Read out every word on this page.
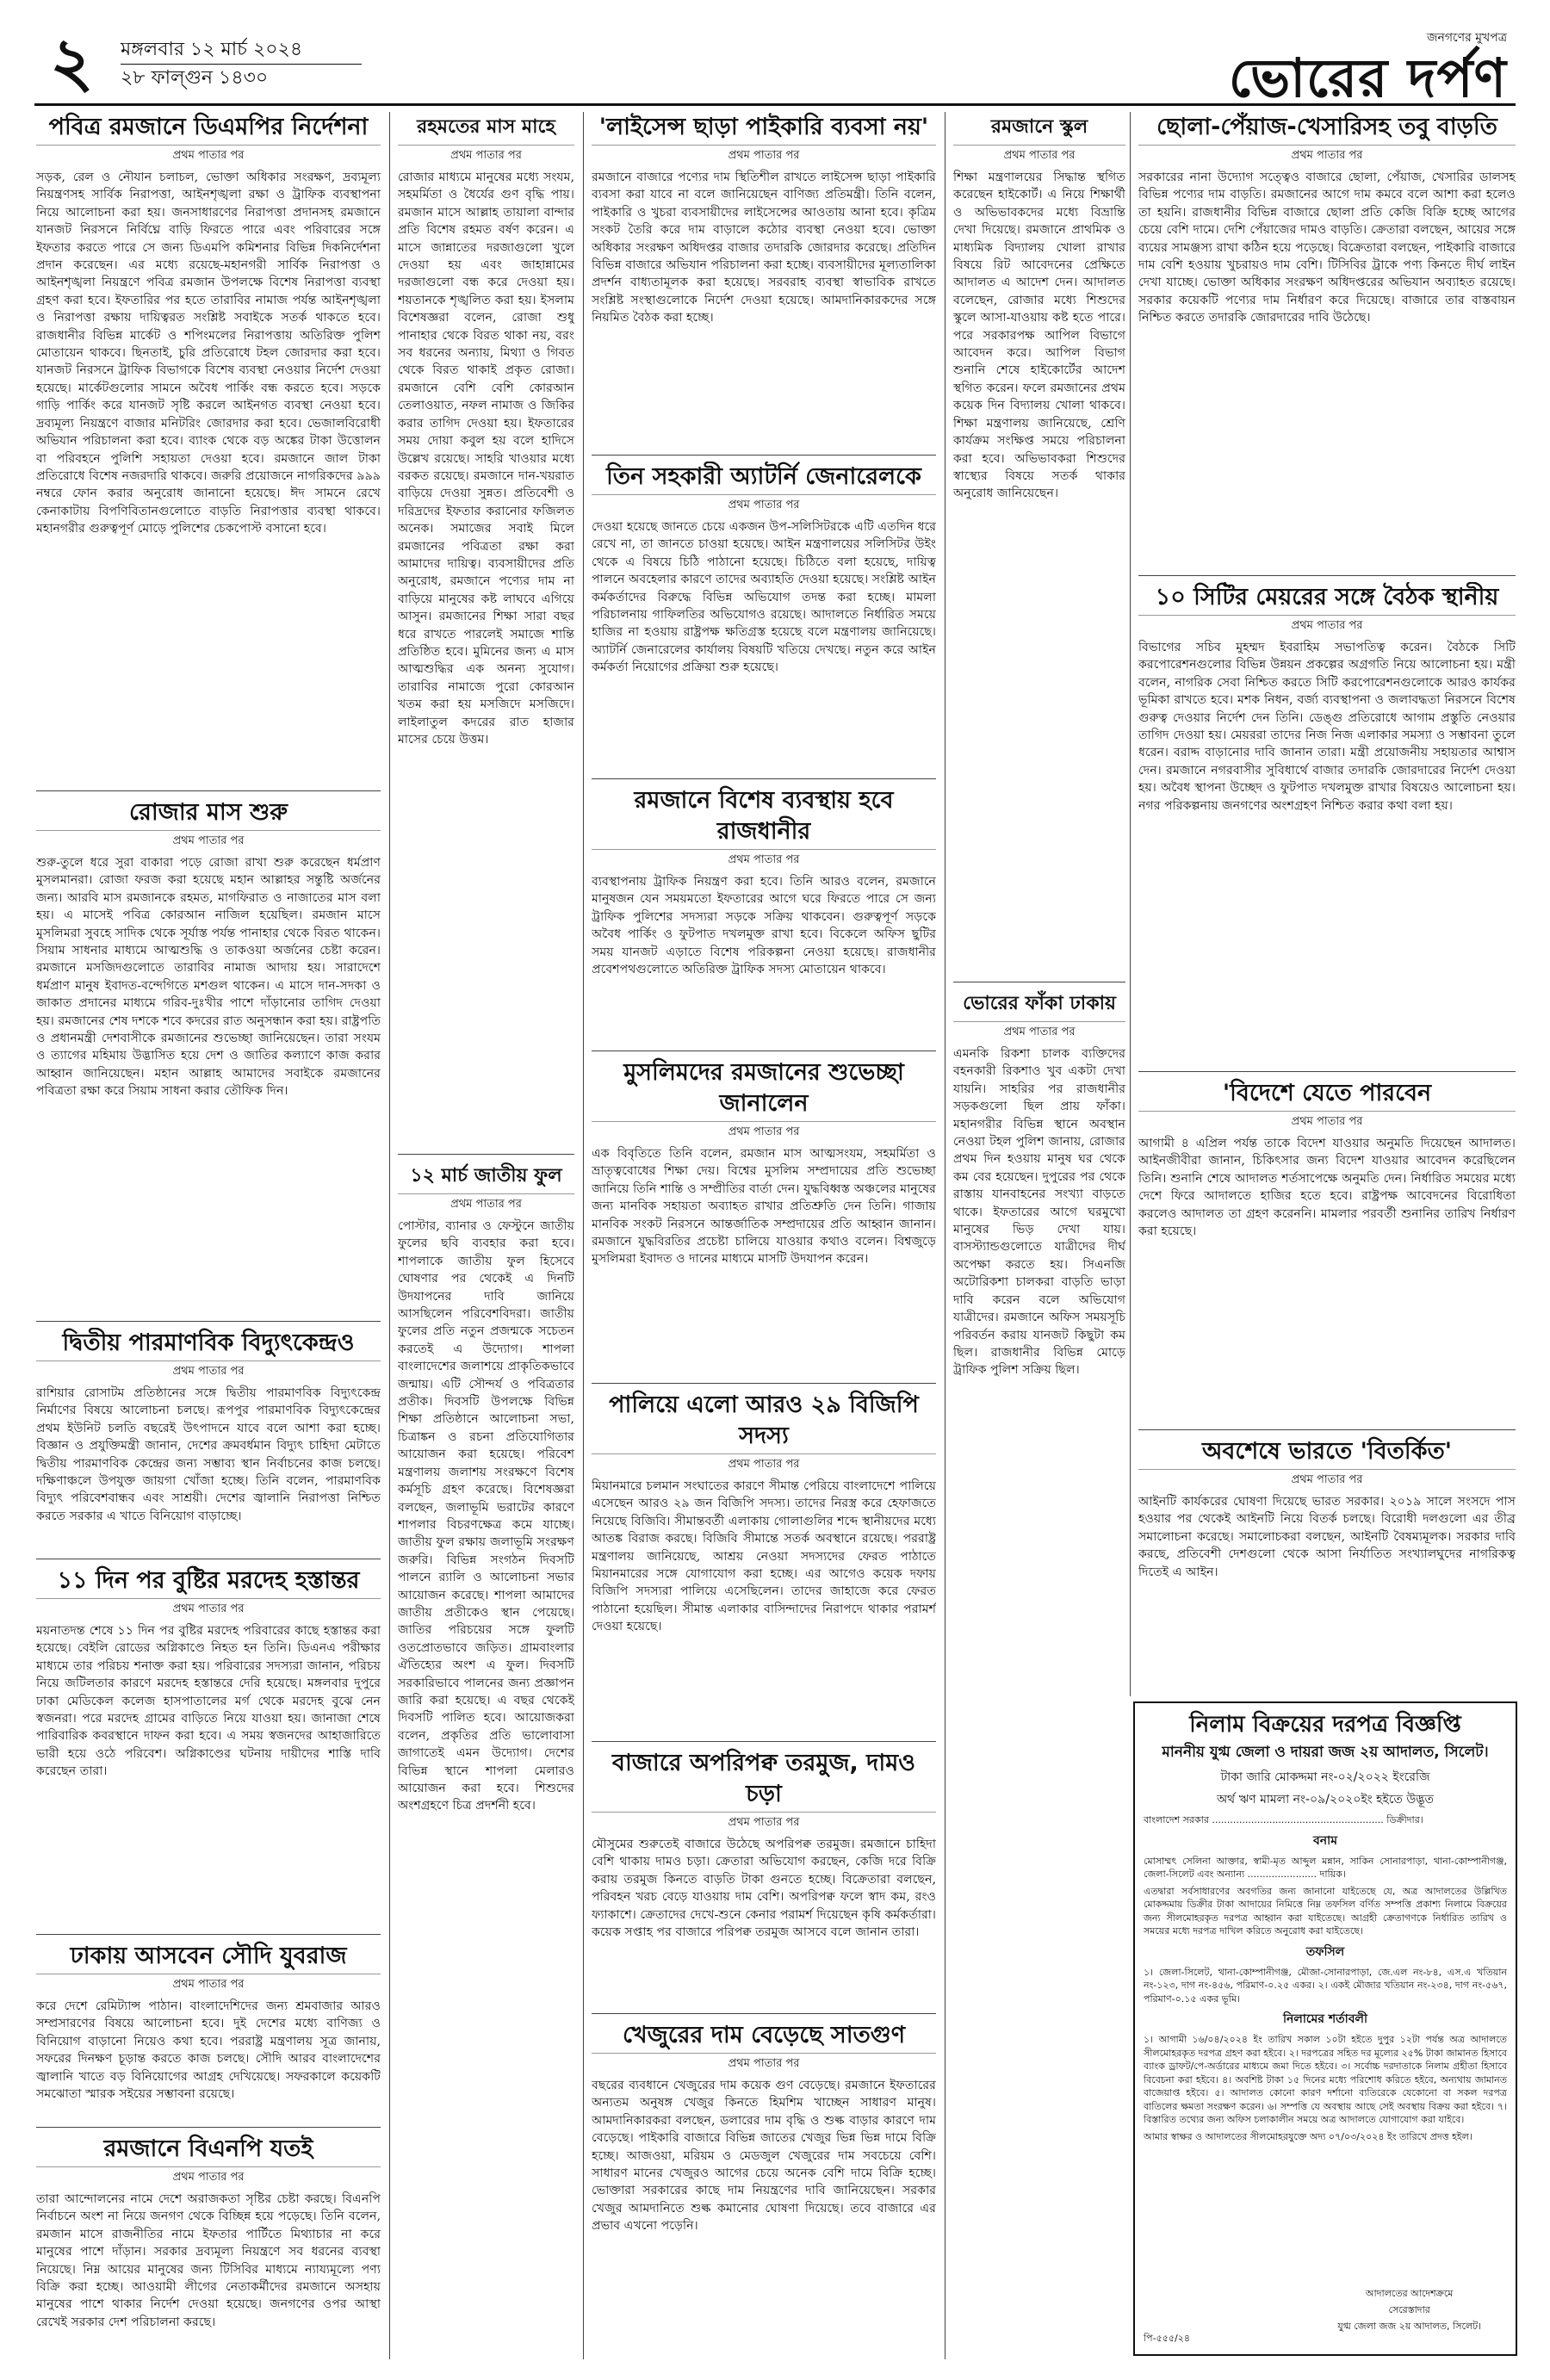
২ মঙ্গলবার ১২ মার্চ ২০২৪
২৮ ফাল্গুন ১৪৩০
জনগণের মুখপত্র
ভোরের দর্পণ
পবিত্র রমজানে ডিএমপির নির্দেশনা
প্রথম পাতার পর
সড়ক, রেল ও নৌযান চলাচল, ভোক্তা অধিকার সংরক্ষণ, দ্রব্যমূল্য নিয়ন্ত্রণসহ সার্বিক নিরাপত্তা, আইনশৃঙ্খলা রক্ষা ও ট্রাফিক ব্যবস্থাপনা নিয়ে আলোচনা করা হয়। জনসাধারণের নিরাপত্তা প্রদানসহ রমজানে যানজট নিরসনে নির্বিঘ্নে বাড়ি ফিরতে পারে এবং পরিবারের সঙ্গে ইফতার করতে পারে সে জন্য ডিএমপি কমিশনার বিভিন্ন দিকনির্দেশনা প্রদান করেছেন। এর মধ্যে রয়েছে-মহানগরী সার্বিক নিরাপত্তা ও আইনশৃঙ্খলা নিয়ন্ত্রণে পবিত্র রমজান উপলক্ষে বিশেষ নিরাপত্তা ব্যবস্থা গ্রহণ করা হবে। ইফতারির পর হতে তারাবির নামাজ পর্যন্ত আইনশৃঙ্খলা ও নিরাপত্তা রক্ষায় দায়িত্বরত সংশ্লিষ্ট সবাইকে সতর্ক থাকতে হবে। রাজধানীর বিভিন্ন মার্কেট ও শপিংমলের নিরাপত্তায় অতিরিক্ত পুলিশ মোতায়েন থাকবে। ছিনতাই, চুরি প্রতিরোধে টহল জোরদার করা হবে। যানজট নিরসনে ট্রাফিক বিভাগকে বিশেষ ব্যবস্থা নেওয়ার নির্দেশ দেওয়া হয়েছে। মার্কেটগুলোর সামনে অবৈধ পার্কিং বন্ধ করতে হবে। সড়কে গাড়ি পার্কিং করে যানজট সৃষ্টি করলে আইনগত ব্যবস্থা নেওয়া হবে। দ্রব্যমূল্য নিয়ন্ত্রণে বাজার মনিটরিং জোরদার করা হবে। ভেজালবিরোধী অভিযান পরিচালনা করা হবে। ব্যাংক থেকে বড় অঙ্কের টাকা উত্তোলন বা পরিবহনে পুলিশি সহায়তা দেওয়া হবে। রমজানে জাল টাকা প্রতিরোধে বিশেষ নজরদারি থাকবে। জরুরি প্রয়োজনে নাগরিকদের ৯৯৯ নম্বরে ফোন করার অনুরোধ জানানো হয়েছে। ঈদ সামনে রেখে কেনাকাটায় বিপণিবিতানগুলোতে বাড়তি নিরাপত্তার ব্যবস্থা থাকবে। মহানগরীর গুরুত্বপূর্ণ মোড়ে পুলিশের চেকপোস্ট বসানো হবে।
রোজার মাস শুরু
প্রথম পাতার পর
শুরু-তুলে ধরে সুরা বাকারা পড়ে রোজা রাখা শুরু করেছেন ধর্মপ্রাণ মুসলমানরা। রোজা ফরজ করা হয়েছে মহান আল্লাহর সন্তুষ্টি অর্জনের জন্য। আরবি মাস রমজানকে রহমত, মাগফিরাত ও নাজাতের মাস বলা হয়। এ মাসেই পবিত্র কোরআন নাজিল হয়েছিল। রমজান মাসে মুসলিমরা সুবহে সাদিক থেকে সূর্যাস্ত পর্যন্ত পানাহার থেকে বিরত থাকেন। সিয়াম সাধনার মাধ্যমে আত্মশুদ্ধি ও তাকওয়া অর্জনের চেষ্টা করেন। রমজানে মসজিদগুলোতে তারাবির নামাজ আদায় হয়। সারাদেশে ধর্মপ্রাণ মানুষ ইবাদত-বন্দেগিতে মশগুল থাকেন। এ মাসে দান-সদকা ও জাকাত প্রদানের মাধ্যমে গরিব-দুঃখীর পাশে দাঁড়ানোর তাগিদ দেওয়া হয়। রমজানের শেষ দশকে শবে কদরের রাত অনুসন্ধান করা হয়। রাষ্ট্রপতি ও প্রধানমন্ত্রী দেশবাসীকে রমজানের শুভেচ্ছা জানিয়েছেন। তারা সংযম ও ত্যাগের মহিমায় উদ্ভাসিত হয়ে দেশ ও জাতির কল্যাণে কাজ করার আহ্বান জানিয়েছেন। মহান আল্লাহ আমাদের সবাইকে রমজানের পবিত্রতা রক্ষা করে সিয়াম সাধনা করার তৌফিক দিন।
দ্বিতীয় পারমাণবিক বিদ্যুৎকেন্দ্রও
প্রথম পাতার পর
রাশিয়ার রোসাটম প্রতিষ্ঠানের সঙ্গে দ্বিতীয় পারমাণবিক বিদ্যুৎকেন্দ্র নির্মাণের বিষয়ে আলোচনা চলছে। রূপপুর পারমাণবিক বিদ্যুৎকেন্দ্রের প্রথম ইউনিট চলতি বছরেই উৎপাদনে যাবে বলে আশা করা হচ্ছে। বিজ্ঞান ও প্রযুক্তিমন্ত্রী জানান, দেশের ক্রমবর্ধমান বিদ্যুৎ চাহিদা মেটাতে দ্বিতীয় পারমাণবিক কেন্দ্রের জন্য সম্ভাব্য স্থান নির্বাচনের কাজ চলছে। দক্ষিণাঞ্চলে উপযুক্ত জায়গা খোঁজা হচ্ছে। তিনি বলেন, পারমাণবিক বিদ্যুৎ পরিবেশবান্ধব এবং সাশ্রয়ী। দেশের জ্বালানি নিরাপত্তা নিশ্চিত করতে সরকার এ খাতে বিনিয়োগ বাড়াচ্ছে।
১১ দিন পর বুষ্টির মরদেহ হস্তান্তর
প্রথম পাতার পর
ময়নাতদন্ত শেষে ১১ দিন পর বুষ্টির মরদেহ পরিবারের কাছে হস্তান্তর করা হয়েছে। বেইলি রোডের অগ্নিকাণ্ডে নিহত হন তিনি। ডিএনএ পরীক্ষার মাধ্যমে তার পরিচয় শনাক্ত করা হয়। পরিবারের সদস্যরা জানান, পরিচয় নিয়ে জটিলতার কারণে মরদেহ হস্তান্তরে দেরি হয়েছে। মঙ্গলবার দুপুরে ঢাকা মেডিকেল কলেজ হাসপাতালের মর্গ থেকে মরদেহ বুঝে নেন স্বজনরা। পরে মরদেহ গ্রামের বাড়িতে নিয়ে যাওয়া হয়। জানাজা শেষে পারিবারিক কবরস্থানে দাফন করা হবে। এ সময় স্বজনদের আহাজারিতে ভারী হয়ে ওঠে পরিবেশ। অগ্নিকাণ্ডের ঘটনায় দায়ীদের শাস্তি দাবি করেছেন তারা।
ঢাকায় আসবেন সৌদি যুবরাজ
প্রথম পাতার পর
করে দেশে রেমিট্যান্স পাঠান। বাংলাদেশিদের জন্য শ্রমবাজার আরও সম্প্রসারণের বিষয়ে আলোচনা হবে। দুই দেশের মধ্যে বাণিজ্য ও বিনিয়োগ বাড়ানো নিয়েও কথা হবে। পররাষ্ট্র মন্ত্রণালয় সূত্র জানায়, সফরের দিনক্ষণ চূড়ান্ত করতে কাজ চলছে। সৌদি আরব বাংলাদেশের জ্বালানি খাতে বড় বিনিয়োগের আগ্রহ দেখিয়েছে। সফরকালে কয়েকটি সমঝোতা স্মারক সইয়ের সম্ভাবনা রয়েছে।
রমজানে বিএনপি যতই
প্রথম পাতার পর
তারা আন্দোলনের নামে দেশে অরাজকতা সৃষ্টির চেষ্টা করছে। বিএনপি নির্বাচনে অংশ না নিয়ে জনগণ থেকে বিচ্ছিন্ন হয়ে পড়েছে। তিনি বলেন, রমজান মাসে রাজনীতির নামে ইফতার পার্টিতে মিথ্যাচার না করে মানুষের পাশে দাঁড়ান। সরকার দ্রব্যমূল্য নিয়ন্ত্রণে সব ধরনের ব্যবস্থা নিয়েছে। নিম্ন আয়ের মানুষের জন্য টিসিবির মাধ্যমে ন্যায্যমূল্যে পণ্য বিক্রি করা হচ্ছে। আওয়ামী লীগের নেতাকর্মীদের রমজানে অসহায় মানুষের পাশে থাকার নির্দেশ দেওয়া হয়েছে। জনগণের ওপর আস্থা রেখেই সরকার দেশ পরিচালনা করছে।
রহমতের মাস মাহে
প্রথম পাতার পর
রোজার মাধ্যমে মানুষের মধ্যে সংযম, সহমর্মিতা ও ধৈর্যের গুণ বৃদ্ধি পায়। রমজান মাসে আল্লাহ তায়ালা বান্দার প্রতি বিশেষ রহমত বর্ষণ করেন। এ মাসে জান্নাতের দরজাগুলো খুলে দেওয়া হয় এবং জাহান্নামের দরজাগুলো বন্ধ করে দেওয়া হয়। শয়তানকে শৃঙ্খলিত করা হয়। ইসলাম বিশেষজ্ঞরা বলেন, রোজা শুধু পানাহার থেকে বিরত থাকা নয়, বরং সব ধরনের অন্যায়, মিথ্যা ও গিবত থেকে বিরত থাকাই প্রকৃত রোজা। রমজানে বেশি বেশি কোরআন তেলাওয়াত, নফল নামাজ ও জিকির করার তাগিদ দেওয়া হয়। ইফতারের সময় দোয়া কবুল হয় বলে হাদিসে উল্লেখ রয়েছে। সাহরি খাওয়ার মধ্যে বরকত রয়েছে। রমজানে দান-খয়রাত বাড়িয়ে দেওয়া সুন্নত। প্রতিবেশী ও দরিদ্রদের ইফতার করানোর ফজিলত অনেক। সমাজের সবাই মিলে রমজানের পবিত্রতা রক্ষা করা আমাদের দায়িত্ব। ব্যবসায়ীদের প্রতি অনুরোধ, রমজানে পণ্যের দাম না বাড়িয়ে মানুষের কষ্ট লাঘবে এগিয়ে আসুন। রমজানের শিক্ষা সারা বছর ধরে রাখতে পারলেই সমাজে শান্তি প্রতিষ্ঠিত হবে। মুমিনের জন্য এ মাস আত্মশুদ্ধির এক অনন্য সুযোগ। তারাবির নামাজে পুরো কোরআন খতম করা হয় মসজিদে মসজিদে। লাইলাতুল কদরের রাত হাজার মাসের চেয়ে উত্তম।
১২ মার্চ জাতীয় ফুল
প্রথম পাতার পর
পোস্টার, ব্যানার ও ফেস্টুনে জাতীয় ফুলের ছবি ব্যবহার করা হবে। শাপলাকে জাতীয় ফুল হিসেবে ঘোষণার পর থেকেই এ দিনটি উদযাপনের দাবি জানিয়ে আসছিলেন পরিবেশবিদরা। জাতীয় ফুলের প্রতি নতুন প্রজন্মকে সচেতন করতেই এ উদ্যোগ। শাপলা বাংলাদেশের জলাশয়ে প্রাকৃতিকভাবে জন্মায়। এটি সৌন্দর্য ও পবিত্রতার প্রতীক। দিবসটি উপলক্ষে বিভিন্ন শিক্ষা প্রতিষ্ঠানে আলোচনা সভা, চিত্রাঙ্কন ও রচনা প্রতিযোগিতার আয়োজন করা হয়েছে। পরিবেশ মন্ত্রণালয় জলাশয় সংরক্ষণে বিশেষ কর্মসূচি গ্রহণ করেছে। বিশেষজ্ঞরা বলছেন, জলাভূমি ভরাটের কারণে শাপলার বিচরণক্ষেত্র কমে যাচ্ছে। জাতীয় ফুল রক্ষায় জলাভূমি সংরক্ষণ জরুরি। বিভিন্ন সংগঠন দিবসটি পালনে র‍্যালি ও আলোচনা সভার আয়োজন করেছে। শাপলা আমাদের জাতীয় প্রতীকেও স্থান পেয়েছে। জাতির পরিচয়ের সঙ্গে ফুলটি ওতপ্রোতভাবে জড়িত। গ্রামবাংলার ঐতিহ্যের অংশ এ ফুল। দিবসটি সরকারিভাবে পালনের জন্য প্রজ্ঞাপন জারি করা হয়েছে। এ বছর থেকেই দিবসটি পালিত হবে। আয়োজকরা বলেন, প্রকৃতির প্রতি ভালোবাসা জাগাতেই এমন উদ্যোগ। দেশের বিভিন্ন স্থানে শাপলা মেলারও আয়োজন করা হবে। শিশুদের অংশগ্রহণে চিত্র প্রদর্শনী হবে।
'লাইসেন্স ছাড়া পাইকারি ব্যবসা নয়'
প্রথম পাতার পর
রমজানে বাজারে পণ্যের দাম স্থিতিশীল রাখতে লাইসেন্স ছাড়া পাইকারি ব্যবসা করা যাবে না বলে জানিয়েছেন বাণিজ্য প্রতিমন্ত্রী। তিনি বলেন, পাইকারি ও খুচরা ব্যবসায়ীদের লাইসেন্সের আওতায় আনা হবে। কৃত্রিম সংকট তৈরি করে দাম বাড়ালে কঠোর ব্যবস্থা নেওয়া হবে। ভোক্তা অধিকার সংরক্ষণ অধিদপ্তর বাজার তদারকি জোরদার করেছে। প্রতিদিন বিভিন্ন বাজারে অভিযান পরিচালনা করা হচ্ছে। ব্যবসায়ীদের মূল্যতালিকা প্রদর্শন বাধ্যতামূলক করা হয়েছে। সরবরাহ ব্যবস্থা স্বাভাবিক রাখতে সংশ্লিষ্ট সংস্থাগুলোকে নির্দেশ দেওয়া হয়েছে। আমদানিকারকদের সঙ্গে নিয়মিত বৈঠক করা হচ্ছে।
তিন সহকারী অ্যাটর্নি জেনারেলকে
প্রথম পাতার পর
দেওয়া হয়েছে জানতে চেয়ে একজন উপ-সলিসিটরকে এটি এতদিন ধরে রেখে না, তা জানতে চাওয়া হয়েছে। আইন মন্ত্রণালয়ের সলিসিটর উইং থেকে এ বিষয়ে চিঠি পাঠানো হয়েছে। চিঠিতে বলা হয়েছে, দায়িত্ব পালনে অবহেলার কারণে তাদের অব্যাহতি দেওয়া হয়েছে। সংশ্লিষ্ট আইন কর্মকর্তাদের বিরুদ্ধে বিভিন্ন অভিযোগ তদন্ত করা হচ্ছে। মামলা পরিচালনায় গাফিলতির অভিযোগও রয়েছে। আদালতে নির্ধারিত সময়ে হাজির না হওয়ায় রাষ্ট্রপক্ষ ক্ষতিগ্রস্ত হয়েছে বলে মন্ত্রণালয় জানিয়েছে। অ্যাটর্নি জেনারেলের কার্যালয় বিষয়টি খতিয়ে দেখছে। নতুন করে আইন কর্মকর্তা নিয়োগের প্রক্রিয়া শুরু হয়েছে।
রমজানে বিশেষ ব্যবস্থায় হবে রাজধানীর
প্রথম পাতার পর
ব্যবস্থাপনায় ট্রাফিক নিয়ন্ত্রণ করা হবে। তিনি আরও বলেন, রমজানে মানুষজন যেন সময়মতো ইফতারের আগে ঘরে ফিরতে পারে সে জন্য ট্রাফিক পুলিশের সদস্যরা সড়কে সক্রিয় থাকবেন। গুরুত্বপূর্ণ সড়কে অবৈধ পার্কিং ও ফুটপাত দখলমুক্ত রাখা হবে। বিকেলে অফিস ছুটির সময় যানজট এড়াতে বিশেষ পরিকল্পনা নেওয়া হয়েছে। রাজধানীর প্রবেশপথগুলোতে অতিরিক্ত ট্রাফিক সদস্য মোতায়েন থাকবে।
মুসলিমদের রমজানের শুভেচ্ছা জানালেন
প্রথম পাতার পর
এক বিবৃতিতে তিনি বলেন, রমজান মাস আত্মসংযম, সহমর্মিতা ও ভ্রাতৃত্ববোধের শিক্ষা দেয়। বিশ্বের মুসলিম সম্প্রদায়ের প্রতি শুভেচ্ছা জানিয়ে তিনি শান্তি ও সম্প্রীতির বার্তা দেন। যুদ্ধবিধ্বস্ত অঞ্চলের মানুষের জন্য মানবিক সহায়তা অব্যাহত রাখার প্রতিশ্রুতি দেন তিনি। গাজায় মানবিক সংকট নিরসনে আন্তর্জাতিক সম্প্রদায়ের প্রতি আহ্বান জানান। রমজানে যুদ্ধবিরতির প্রচেষ্টা চালিয়ে যাওয়ার কথাও বলেন। বিশ্বজুড়ে মুসলিমরা ইবাদত ও দানের মাধ্যমে মাসটি উদযাপন করেন।
পালিয়ে এলো আরও ২৯ বিজিপি সদস্য
প্রথম পাতার পর
মিয়ানমারে চলমান সংঘাতের কারণে সীমান্ত পেরিয়ে বাংলাদেশে পালিয়ে এসেছেন আরও ২৯ জন বিজিপি সদস্য। তাদের নিরস্ত্র করে হেফাজতে নিয়েছে বিজিবি। সীমান্তবর্তী এলাকায় গোলাগুলির শব্দে স্থানীয়দের মধ্যে আতঙ্ক বিরাজ করছে। বিজিবি সীমান্তে সতর্ক অবস্থানে রয়েছে। পররাষ্ট্র মন্ত্রণালয় জানিয়েছে, আশ্রয় নেওয়া সদস্যদের ফেরত পাঠাতে মিয়ানমারের সঙ্গে যোগাযোগ করা হচ্ছে। এর আগেও কয়েক দফায় বিজিপি সদস্যরা পালিয়ে এসেছিলেন। তাদের জাহাজে করে ফেরত পাঠানো হয়েছিল। সীমান্ত এলাকার বাসিন্দাদের নিরাপদে থাকার পরামর্শ দেওয়া হয়েছে।
বাজারে অপরিপক্ব তরমুজ, দামও চড়া
প্রথম পাতার পর
মৌসুমের শুরুতেই বাজারে উঠেছে অপরিপক্ব তরমুজ। রমজানে চাহিদা বেশি থাকায় দামও চড়া। ক্রেতারা অভিযোগ করছেন, কেজি দরে বিক্রি করায় তরমুজ কিনতে বাড়তি টাকা গুনতে হচ্ছে। বিক্রেতারা বলছেন, পরিবহন খরচ বেড়ে যাওয়ায় দাম বেশি। অপরিপক্ব ফলে স্বাদ কম, রংও ফ্যাকাশে। ক্রেতাদের দেখে-শুনে কেনার পরামর্শ দিয়েছেন কৃষি কর্মকর্তারা। কয়েক সপ্তাহ পর বাজারে পরিপক্ব তরমুজ আসবে বলে জানান তারা।
খেজুরের দাম বেড়েছে সাতগুণ
প্রথম পাতার পর
বছরের ব্যবধানে খেজুরের দাম কয়েক গুণ বেড়েছে। রমজানে ইফতারের অন্যতম অনুষঙ্গ খেজুর কিনতে হিমশিম খাচ্ছেন সাধারণ মানুষ। আমদানিকারকরা বলছেন, ডলারের দাম বৃদ্ধি ও শুল্ক বাড়ার কারণে দাম বেড়েছে। পাইকারি বাজারে বিভিন্ন জাতের খেজুর ভিন্ন ভিন্ন দামে বিক্রি হচ্ছে। আজওয়া, মরিয়ম ও মেডজুল খেজুরের দাম সবচেয়ে বেশি। সাধারণ মানের খেজুরও আগের চেয়ে অনেক বেশি দামে বিক্রি হচ্ছে। ভোক্তারা সরকারের কাছে দাম নিয়ন্ত্রণের দাবি জানিয়েছেন। সরকার খেজুর আমদানিতে শুল্ক কমানোর ঘোষণা দিয়েছে। তবে বাজারে এর প্রভাব এখনো পড়েনি।
রমজানে স্কুল
প্রথম পাতার পর
শিক্ষা মন্ত্রণালয়ের সিদ্ধান্ত স্থগিত করেছেন হাইকোর্ট। এ নিয়ে শিক্ষার্থী ও অভিভাবকদের মধ্যে বিভ্রান্তি দেখা দিয়েছে। রমজানে প্রাথমিক ও মাধ্যমিক বিদ্যালয় খোলা রাখার বিষয়ে রিট আবেদনের প্রেক্ষিতে আদালত এ আদেশ দেন। আদালত বলেছেন, রোজার মধ্যে শিশুদের স্কুলে আসা-যাওয়ায় কষ্ট হতে পারে। পরে সরকারপক্ষ আপিল বিভাগে আবেদন করে। আপিল বিভাগ শুনানি শেষে হাইকোর্টের আদেশ স্থগিত করেন। ফলে রমজানের প্রথম কয়েক দিন বিদ্যালয় খোলা থাকবে। শিক্ষা মন্ত্রণালয় জানিয়েছে, শ্রেণি কার্যক্রম সংক্ষিপ্ত সময়ে পরিচালনা করা হবে। অভিভাবকরা শিশুদের স্বাস্থ্যের বিষয়ে সতর্ক থাকার অনুরোধ জানিয়েছেন।
ভোরের ফাঁকা ঢাকায়
প্রথম পাতার পর
এমনকি রিকশা চালক ব্যক্তিদের বহনকারী রিকশাও খুব একটা দেখা যায়নি। সাহরির পর রাজধানীর সড়কগুলো ছিল প্রায় ফাঁকা। মহানগরীর বিভিন্ন স্থানে অবস্থান নেওয়া টহল পুলিশ জানায়, রোজার প্রথম দিন হওয়ায় মানুষ ঘর থেকে কম বের হয়েছেন। দুপুরের পর থেকে রাস্তায় যানবাহনের সংখ্যা বাড়তে থাকে। ইফতারের আগে ঘরমুখো মানুষের ভিড় দেখা যায়। বাসস্ট্যান্ডগুলোতে যাত্রীদের দীর্ঘ অপেক্ষা করতে হয়। সিএনজি অটোরিকশা চালকরা বাড়তি ভাড়া দাবি করেন বলে অভিযোগ যাত্রীদের। রমজানে অফিস সময়সূচি পরিবর্তন করায় যানজট কিছুটা কম ছিল। রাজধানীর বিভিন্ন মোড়ে ট্রাফিক পুলিশ সক্রিয় ছিল।
ছোলা-পেঁয়াজ-খেসারিসহ তবু বাড়তি
প্রথম পাতার পর
সরকারের নানা উদ্যোগ সত্ত্বেও বাজারে ছোলা, পেঁয়াজ, খেসারির ডালসহ বিভিন্ন পণ্যের দাম বাড়তি। রমজানের আগে দাম কমবে বলে আশা করা হলেও তা হয়নি। রাজধানীর বিভিন্ন বাজারে ছোলা প্রতি কেজি বিক্রি হচ্ছে আগের চেয়ে বেশি দামে। দেশি পেঁয়াজের দামও বাড়তি। ক্রেতারা বলছেন, আয়ের সঙ্গে ব্যয়ের সামঞ্জস্য রাখা কঠিন হয়ে পড়েছে। বিক্রেতারা বলছেন, পাইকারি বাজারে দাম বেশি হওয়ায় খুচরায়ও দাম বেশি। টিসিবির ট্রাকে পণ্য কিনতে দীর্ঘ লাইন দেখা যাচ্ছে। ভোক্তা অধিকার সংরক্ষণ অধিদপ্তরের অভিযান অব্যাহত রয়েছে। সরকার কয়েকটি পণ্যের দাম নির্ধারণ করে দিয়েছে। বাজারে তার বাস্তবায়ন নিশ্চিত করতে তদারকি জোরদারের দাবি উঠেছে।
১০ সিটির মেয়রের সঙ্গে বৈঠক স্থানীয়
প্রথম পাতার পর
বিভাগের সচিব মুহম্মদ ইবরাহিম সভাপতিত্ব করেন। বৈঠকে সিটি করপোরেশনগুলোর বিভিন্ন উন্নয়ন প্রকল্পের অগ্রগতি নিয়ে আলোচনা হয়। মন্ত্রী বলেন, নাগরিক সেবা নিশ্চিত করতে সিটি করপোরেশনগুলোকে আরও কার্যকর ভূমিকা রাখতে হবে। মশক নিধন, বর্জ্য ব্যবস্থাপনা ও জলাবদ্ধতা নিরসনে বিশেষ গুরুত্ব দেওয়ার নির্দেশ দেন তিনি। ডেঙ্গু প্রতিরোধে আগাম প্রস্তুতি নেওয়ার তাগিদ দেওয়া হয়। মেয়ররা তাদের নিজ নিজ এলাকার সমস্যা ও সম্ভাবনা তুলে ধরেন। বরাদ্দ বাড়ানোর দাবি জানান তারা। মন্ত্রী প্রয়োজনীয় সহায়তার আশ্বাস দেন। রমজানে নগরবাসীর সুবিধার্থে বাজার তদারকি জোরদারের নির্দেশ দেওয়া হয়। অবৈধ স্থাপনা উচ্ছেদ ও ফুটপাত দখলমুক্ত রাখার বিষয়েও আলোচনা হয়। নগর পরিকল্পনায় জনগণের অংশগ্রহণ নিশ্চিত করার কথা বলা হয়।
'বিদেশে যেতে পারবেন
প্রথম পাতার পর
আগামী ৪ এপ্রিল পর্যন্ত তাকে বিদেশ যাওয়ার অনুমতি দিয়েছেন আদালত। আইনজীবীরা জানান, চিকিৎসার জন্য বিদেশ যাওয়ার আবেদন করেছিলেন তিনি। শুনানি শেষে আদালত শর্তসাপেক্ষে অনুমতি দেন। নির্ধারিত সময়ের মধ্যে দেশে ফিরে আদালতে হাজির হতে হবে। রাষ্ট্রপক্ষ আবেদনের বিরোধিতা করলেও আদালত তা গ্রহণ করেননি। মামলার পরবর্তী শুনানির তারিখ নির্ধারণ করা হয়েছে।
অবশেষে ভারতে 'বিতর্কিত'
প্রথম পাতার পর
আইনটি কার্যকরের ঘোষণা দিয়েছে ভারত সরকার। ২০১৯ সালে সংসদে পাস হওয়ার পর থেকেই আইনটি নিয়ে বিতর্ক চলছে। বিরোধী দলগুলো এর তীব্র সমালোচনা করেছে। সমালোচকরা বলছেন, আইনটি বৈষম্যমূলক। সরকার দাবি করছে, প্রতিবেশী দেশগুলো থেকে আসা নির্যাতিত সংখ্যালঘুদের নাগরিকত্ব দিতেই এ আইন।
নিলাম বিক্রয়ের দরপত্র বিজ্ঞপ্তি
মাননীয় যুগ্ম জেলা ও দায়রা জজ ২য় আদালত, সিলেট।
টাকা জারি মোকদ্দমা নং-০২/২০২২ ইংরেজি
অর্থ ঋণ মামলা নং-০৯/২০২০ইং হইতে উদ্ভূত
বাংলাদেশ সরকার ......................................................... ডিক্রীদার।
বনাম
মোসাম্মৎ সেলিনা আক্তার, স্বামী-মৃত আব্দুল মন্নান, সাকিন সোনারপাড়া, থানা-কোম্পানীগঞ্জ, জেলা-সিলেট এবং অন্যান্য ....................... দায়িক।
এতদ্বারা সর্বসাধারণের অবগতির জন্য জানানো যাইতেছে যে, অত্র আদালতের উল্লিখিত মোকদ্দমায় ডিক্রীর টাকা আদায়ের নিমিত্তে নিম্ন তফসিল বর্ণিত সম্পত্তি প্রকাশ্য নিলামে বিক্রয়ের জন্য সীলমোহরকৃত দরপত্র আহ্বান করা যাইতেছে। আগ্রহী ক্রেতাগণকে নির্ধারিত তারিখ ও সময়ের মধ্যে দরপত্র দাখিল করিতে অনুরোধ করা যাইতেছে।
তফসিল
১। জেলা-সিলেট, থানা-কোম্পানীগঞ্জ, মৌজা-সোনারপাড়া, জে.এল নং-৮৪, এস.এ খতিয়ান নং-১২৩, দাগ নং-৪৫৬, পরিমাণ-০.২৫ একর। ২। একই মৌজার খতিয়ান নং-২৩৪, দাগ নং-৫৬৭, পরিমাণ-০.১৫ একর ভূমি।
নিলামের শর্তাবলী
১। আগামী ১৬/০৪/২০২৪ ইং তারিখ সকাল ১০টা হইতে দুপুর ১২টা পর্যন্ত অত্র আদালতে সীলমোহরকৃত দরপত্র গ্রহণ করা হইবে। ২। দরপত্রের সহিত দর মূল্যের ২৫% টাকা জামানত হিসাবে ব্যাংক ড্রাফট/পে-অর্ডারের মাধ্যমে জমা দিতে হইবে। ৩। সর্বোচ্চ দরদাতাকে নিলাম গ্রহীতা হিসাবে বিবেচনা করা হইবে। ৪। অবশিষ্ট টাকা ১৫ দিনের মধ্যে পরিশোধ করিতে হইবে, অন্যথায় জামানত বাজেয়াপ্ত হইবে। ৫। আদালত কোনো কারণ দর্শানো ব্যতিরেকে যেকোনো বা সকল দরপত্র বাতিলের ক্ষমতা সংরক্ষণ করেন। ৬। সম্পত্তি যে অবস্থায় আছে সেই অবস্থায় বিক্রয় করা হইবে। ৭। বিস্তারিত তথ্যের জন্য অফিস চলাকালীন সময়ে অত্র আদালতে যোগাযোগ করা যাইবে।
আমার স্বাক্ষর ও আদালতের সীলমোহরযুক্তে অদ্য ০৭/০৩/২০২৪ ইং তারিখে প্রদত্ত হইল।
আদালতের আদেশক্রমে
সেরেস্তাদার
যুগ্ম জেলা জজ ২য় আদালত, সিলেট।
পি-৫৫৫/২৪
